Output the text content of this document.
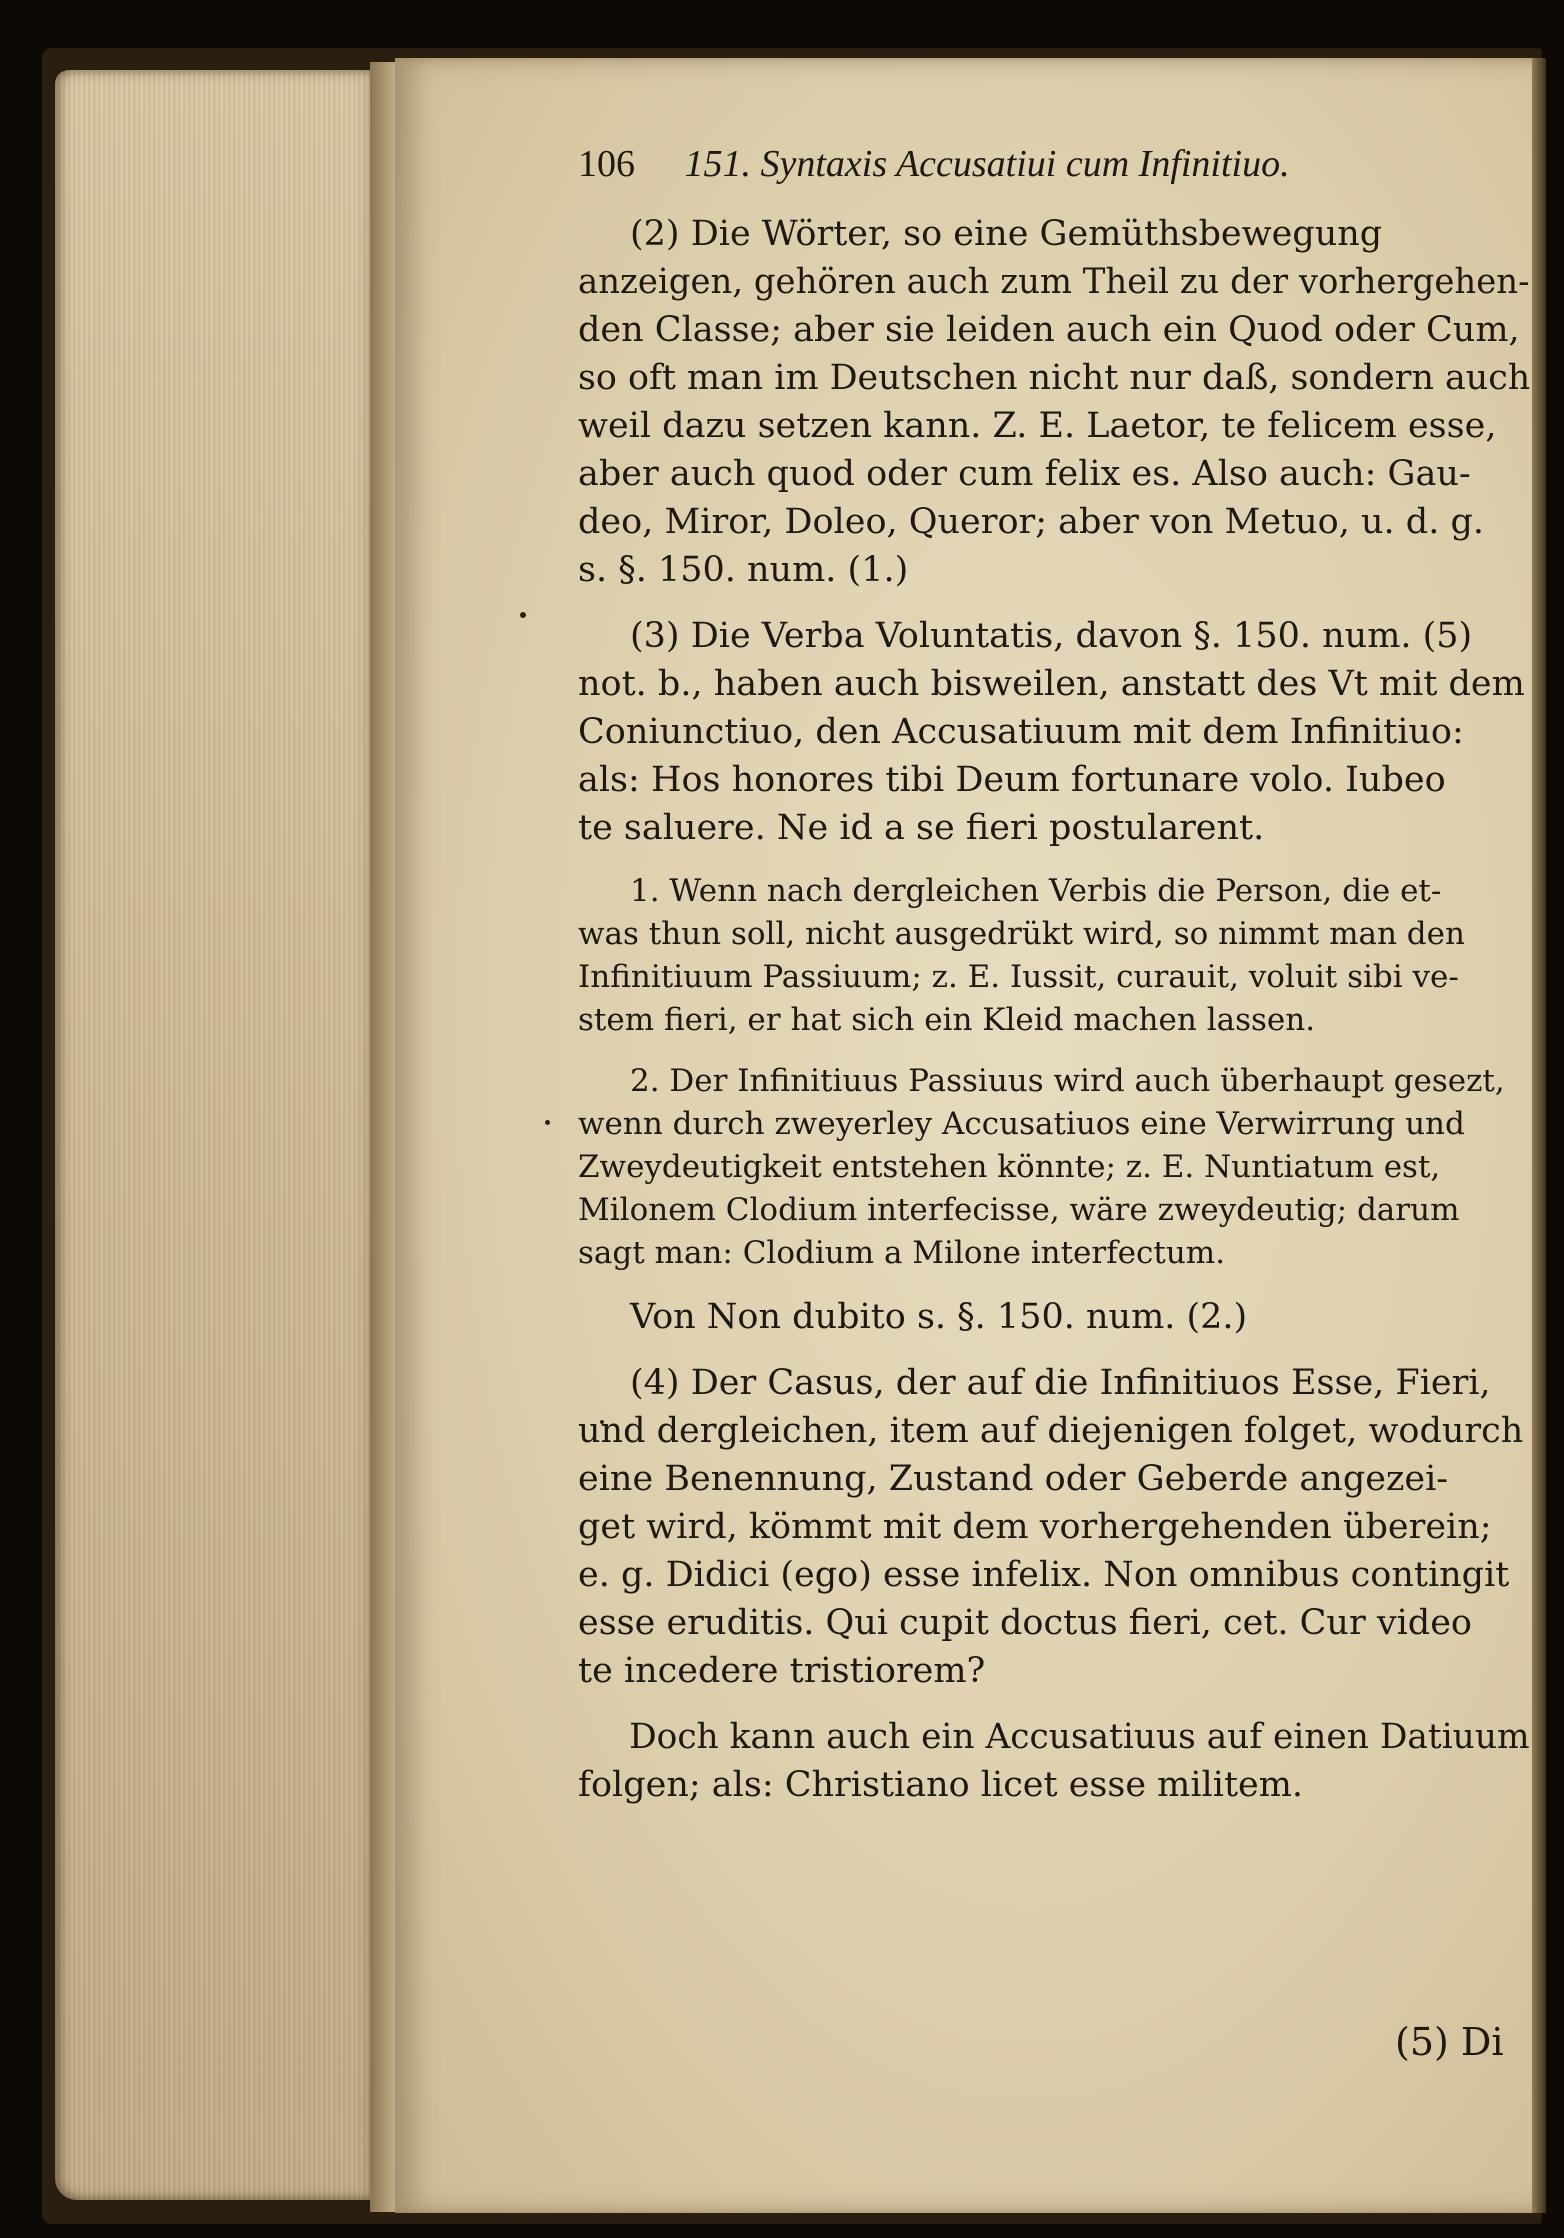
106 151. Syntaxis Accusatiui cum Infinitiuo.
(2) Die Wörter, so eine Gemüthsbewegung
anzeigen, gehören auch zum Theil zu der vorhergehen-
den Classe; aber sie leiden auch ein Quod oder Cum,
so oft man im Deutschen nicht nur daß, sondern auch
weil dazu setzen kann. Z. E. Laetor, te felicem esse,
aber auch quod oder cum felix es. Also auch: Gau-
deo, Miror, Doleo, Queror; aber von Metuo, u. d. g.
s. §. 150. num. (1.)
(3) Die Verba Voluntatis, davon §. 150. num. (5)
not. b., haben auch bisweilen, anstatt des Vt mit dem
Coniunctiuo, den Accusatiuum mit dem Infinitiuo:
als: Hos honores tibi Deum fortunare volo. Iubeo
te saluere. Ne id a se fieri postularent.
1. Wenn nach dergleichen Verbis die Person, die et-
was thun soll, nicht ausgedrükt wird, so nimmt man den
Infinitiuum Passiuum; z. E. Iussit, curauit, voluit sibi ve-
stem fieri, er hat sich ein Kleid machen lassen.
2. Der Infinitiuus Passiuus wird auch überhaupt gesezt,
wenn durch zweyerley Accusatiuos eine Verwirrung und
Zweydeutigkeit entstehen könnte; z. E. Nuntiatum est,
Milonem Clodium interfecisse, wäre zweydeutig; darum
sagt man: Clodium a Milone interfectum.
Von Non dubito s. §. 150. num. (2.)
(4) Der Casus, der auf die Infinitiuos Esse, Fieri,
und dergleichen, item auf diejenigen folget, wodurch
eine Benennung, Zustand oder Geberde angezei-
get wird, kömmt mit dem vorhergehenden überein;
e. g. Didici (ego) esse infelix. Non omnibus contingit
esse eruditis. Qui cupit doctus fieri, cet. Cur video
te incedere tristiorem?
Doch kann auch ein Accusatiuus auf einen Datiuum
folgen; als: Christiano licet esse militem.
(5) Di
